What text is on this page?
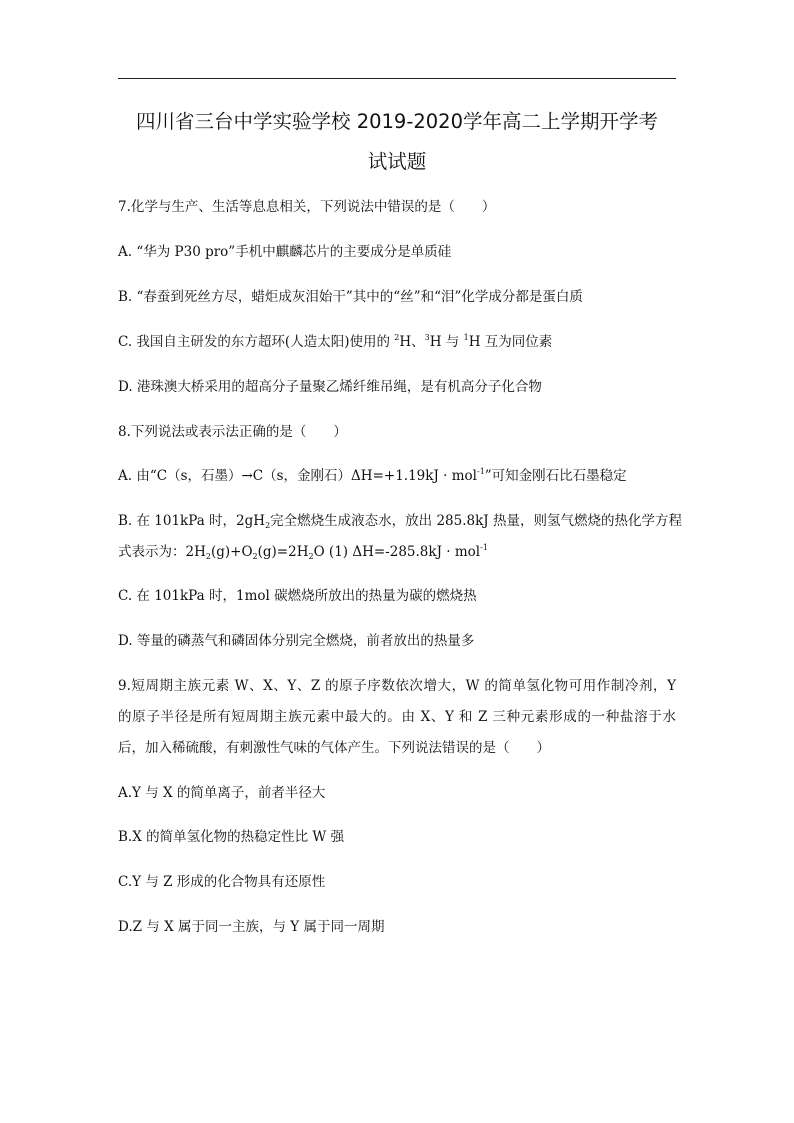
四川省三台中学实验学校 2019-2020学年高二上学期开学考
试试题
7.化学与生产、生活等息息相关，下列说法中错误的是（　　）
A. “华为 P30 pro”手机中麒麟芯片的主要成分是单质硅
B. “春蚕到死丝方尽，蜡炬成灰泪始干”其中的“丝”和“泪”化学成分都是蛋白质
C. 我国自主研发的东方超环(人造太阳)使用的 $^2$H、$^3$H 与 $^1$H 互为同位素
D. 港珠澳大桥采用的超高分子量聚乙烯纤维吊绳，是有机高分子化合物
8.下列说法或表示法正确的是（　　）
A. 由“C（s，石墨）→C（s，金刚石）ΔH=+1.19kJ · mol$^{-1}$”可知金刚石比石墨稳定
B. 在 101kPa 时，$2gH_2$完全燃烧生成液态水，放出 285.8kJ 热量，则氢气燃烧的热化学方程
式表示为：$2H_2(g)+O_2(g)=2H_2O$ (1) ΔH=-285.8kJ · mol$^{-1}$
C. 在 101kPa 时，1mol 碳燃烧所放出的热量为碳的燃烧热
D. 等量的磷蒸气和磷固体分别完全燃烧，前者放出的热量多
9.短周期主族元素 W、X、Y、Z 的原子序数依次增大，W 的简单氢化物可用作制冷剂，Y
的原子半径是所有短周期主族元素中最大的。由 X、Y 和 Z 三种元素形成的一种盐溶于水
后，加入稀硫酸，有刺激性气味的气体产生。下列说法错误的是（　　）
A.Y 与 X 的简单离子，前者半径大
B.X 的简单氢化物的热稳定性比 W 强
C.Y 与 Z 形成的化合物具有还原性
D.Z 与 X 属于同一主族，与 Y 属于同一周期
